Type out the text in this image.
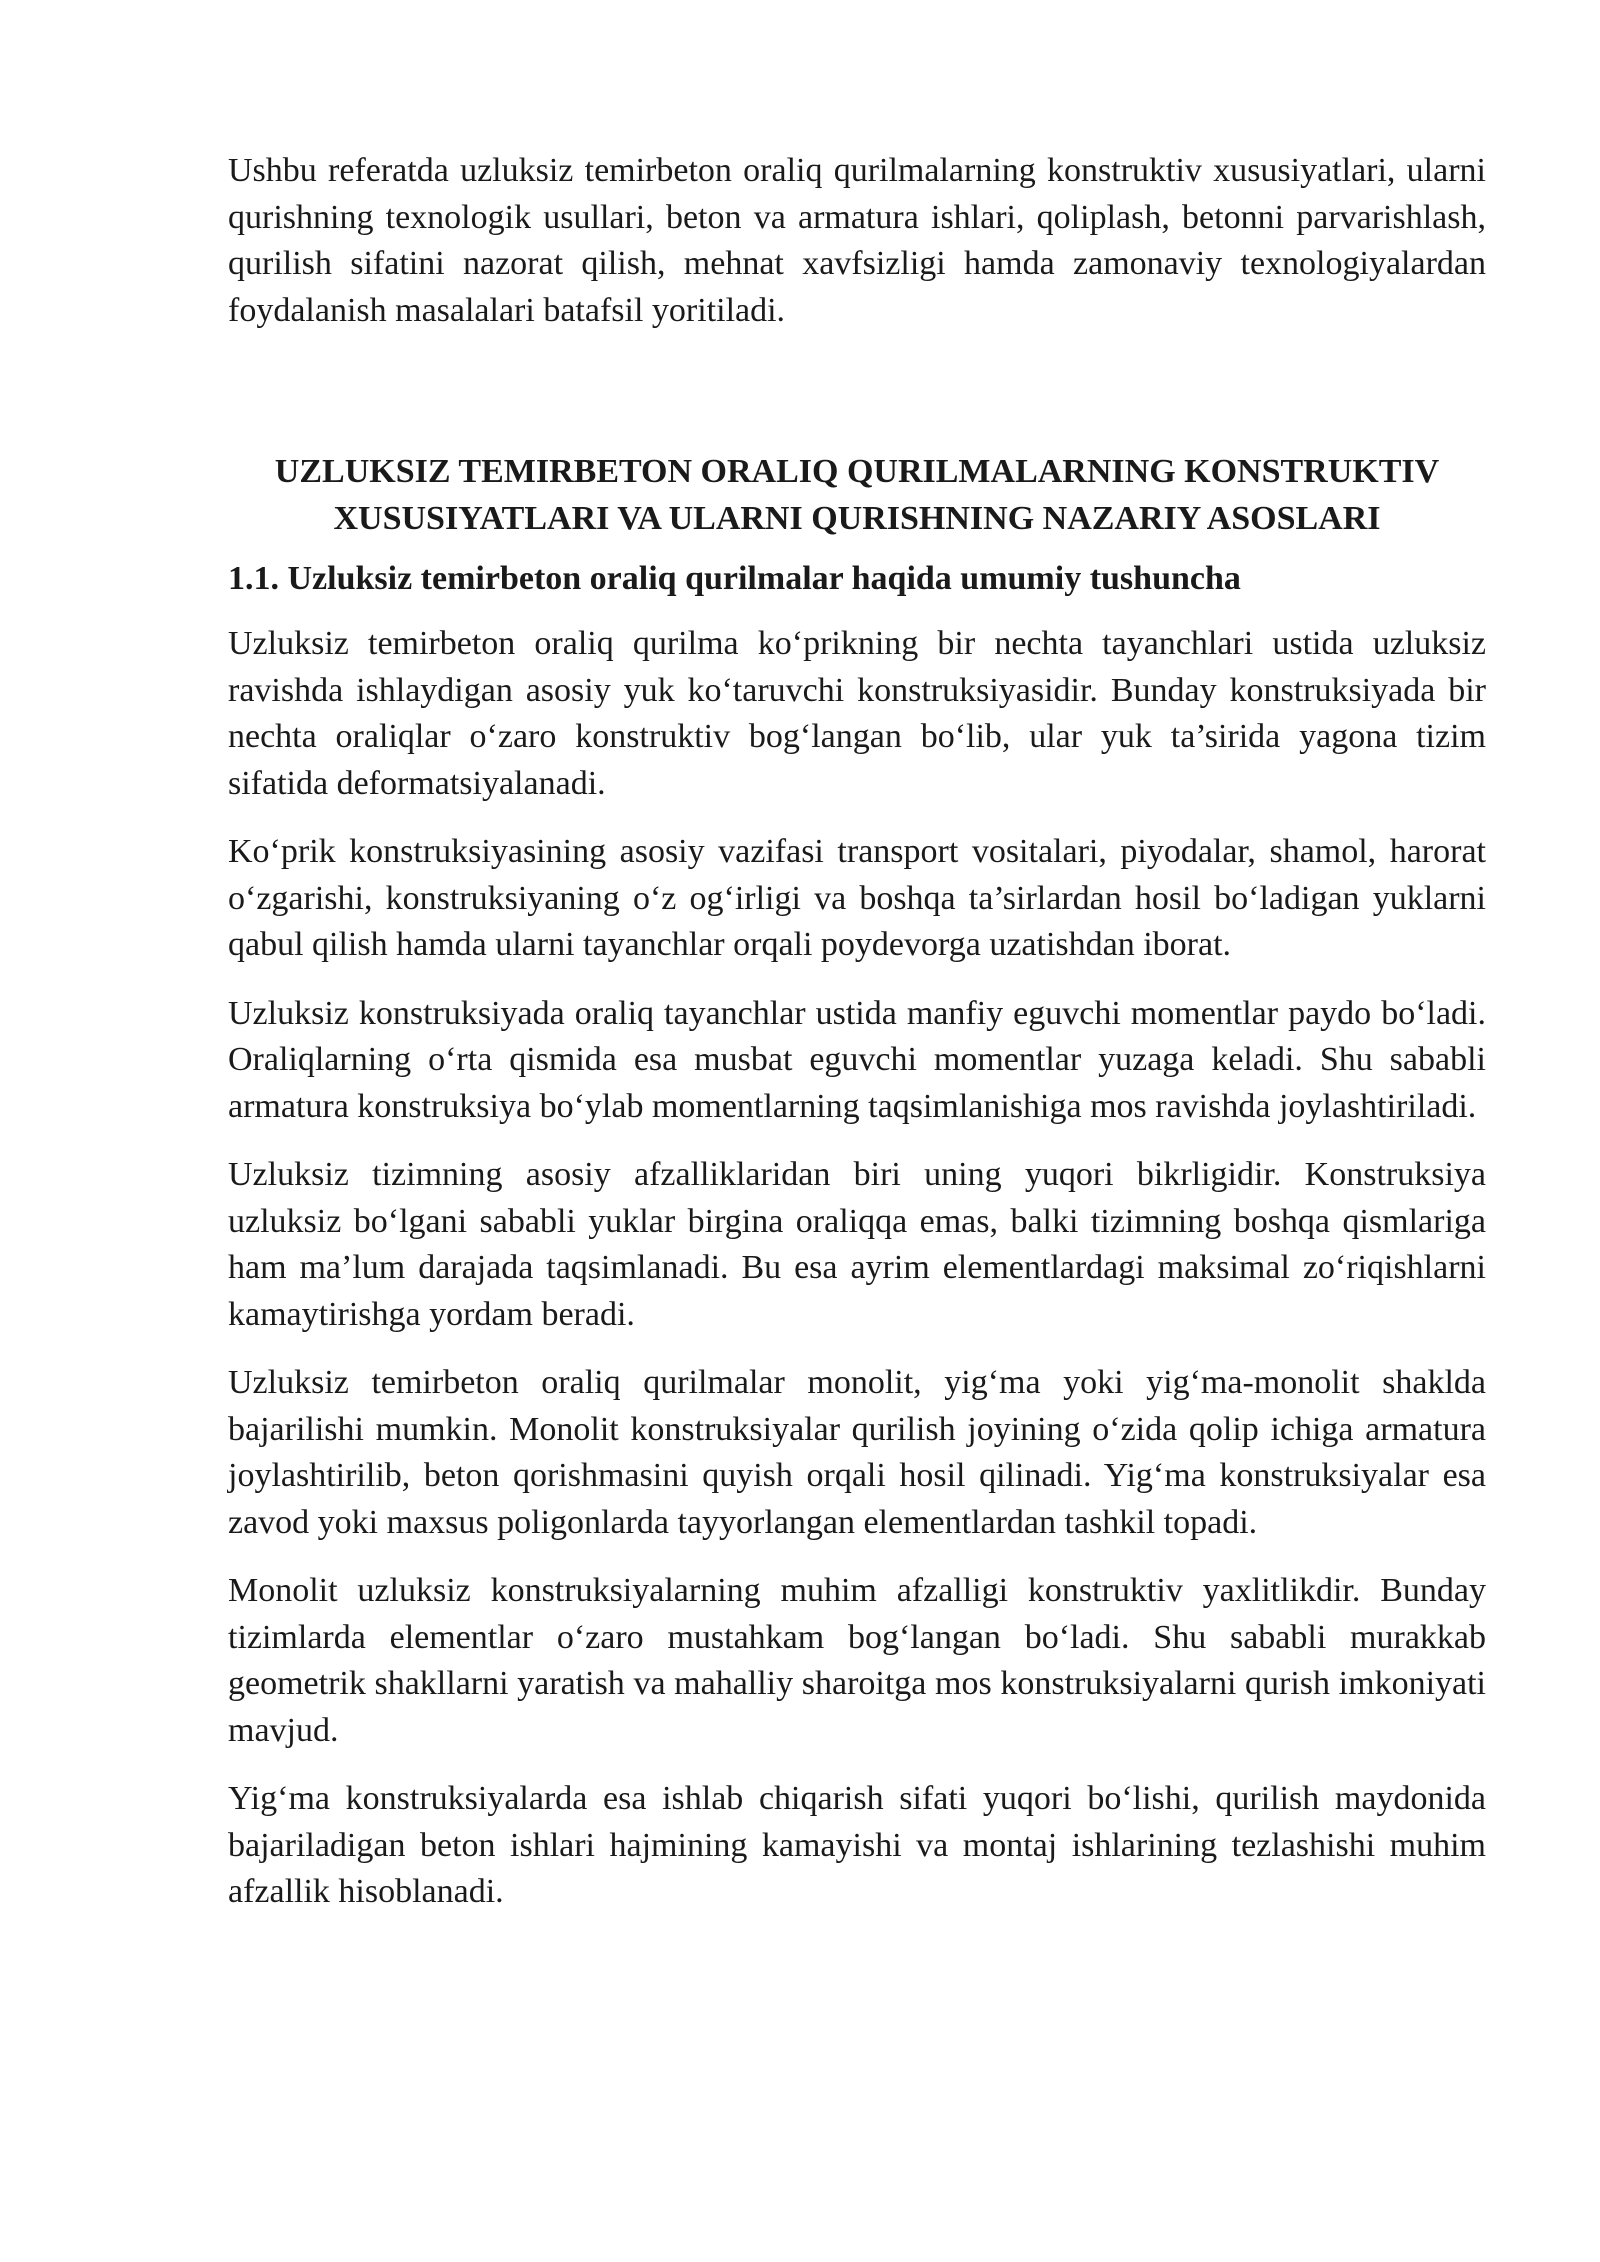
Ushbu referatda uzluksiz temirbeton oraliq qurilmalarning konstruktiv xususiyatlari, ularni qurishning texnologik usullari, beton va armatura ishlari, qoliplash, betonni parvarishlash, qurilish sifatini nazorat qilish, mehnat xavfsizligi hamda zamonaviy texnologiyalardan foydalanish masalalari batafsil yoritiladi.

UZLUKSIZ TEMIRBETON ORALIQ QURILMALARNING KONSTRUKTIV XUSUSIYATLARI VA ULARNI QURISHNING NAZARIY ASOSLARI
1.1. Uzluksiz temirbeton oraliq qurilmalar haqida umumiy tushuncha

Uzluksiz temirbeton oraliq qurilma ko‘prikning bir nechta tayanchlari ustida uzluksiz ravishda ishlaydigan asosiy yuk ko‘taruvchi konstruksiyasidir. Bunday konstruksiyada bir nechta oraliqlar o‘zaro konstruktiv bog‘langan bo‘lib, ular yuk ta’sirida yagona tizim sifatida deformatsiyalanadi.

Ko‘prik konstruksiyasining asosiy vazifasi transport vositalari, piyodalar, shamol, harorat o‘zgarishi, konstruksiyaning o‘z og‘irligi va boshqa ta’sirlardan hosil bo‘ladigan yuklarni qabul qilish hamda ularni tayanchlar orqali poydevorga uzatishdan iborat.

Uzluksiz konstruksiyada oraliq tayanchlar ustida manfiy eguvchi momentlar paydo bo‘ladi. Oraliqlarning o‘rta qismida esa musbat eguvchi momentlar yuzaga keladi. Shu sababli armatura konstruksiya bo‘ylab momentlarning taqsimlanishiga mos ravishda joylashtiriladi.

Uzluksiz tizimning asosiy afzalliklaridan biri uning yuqori bikrligidir. Konstruksiya uzluksiz bo‘lgani sababli yuklar birgina oraliqqa emas, balki tizimning boshqa qismlariga ham ma’lum darajada taqsimlanadi. Bu esa ayrim elementlardagi maksimal zo‘riqishlarni kamaytirishga yordam beradi.

Uzluksiz temirbeton oraliq qurilmalar monolit, yig‘ma yoki yig‘ma-monolit shaklda bajarilishi mumkin. Monolit konstruksiyalar qurilish joyining o‘zida qolip ichiga armatura joylashtirilib, beton qorishmasini quyish orqali hosil qilinadi. Yig‘ma konstruksiyalar esa zavod yoki maxsus poligonlarda tayyorlangan elementlardan tashkil topadi.

Monolit uzluksiz konstruksiyalarning muhim afzalligi konstruktiv yaxlitlikdir. Bunday tizimlarda elementlar o‘zaro mustahkam bog‘langan bo‘ladi. Shu sababli murakkab geometrik shakllarni yaratish va mahalliy sharoitga mos konstruksiyalarni qurish imkoniyati mavjud.

Yig‘ma konstruksiyalarda esa ishlab chiqarish sifati yuqori bo‘lishi, qurilish maydonida bajariladigan beton ishlari hajmining kamayishi va montaj ishlarining tezlashishi muhim afzallik hisoblanadi.
